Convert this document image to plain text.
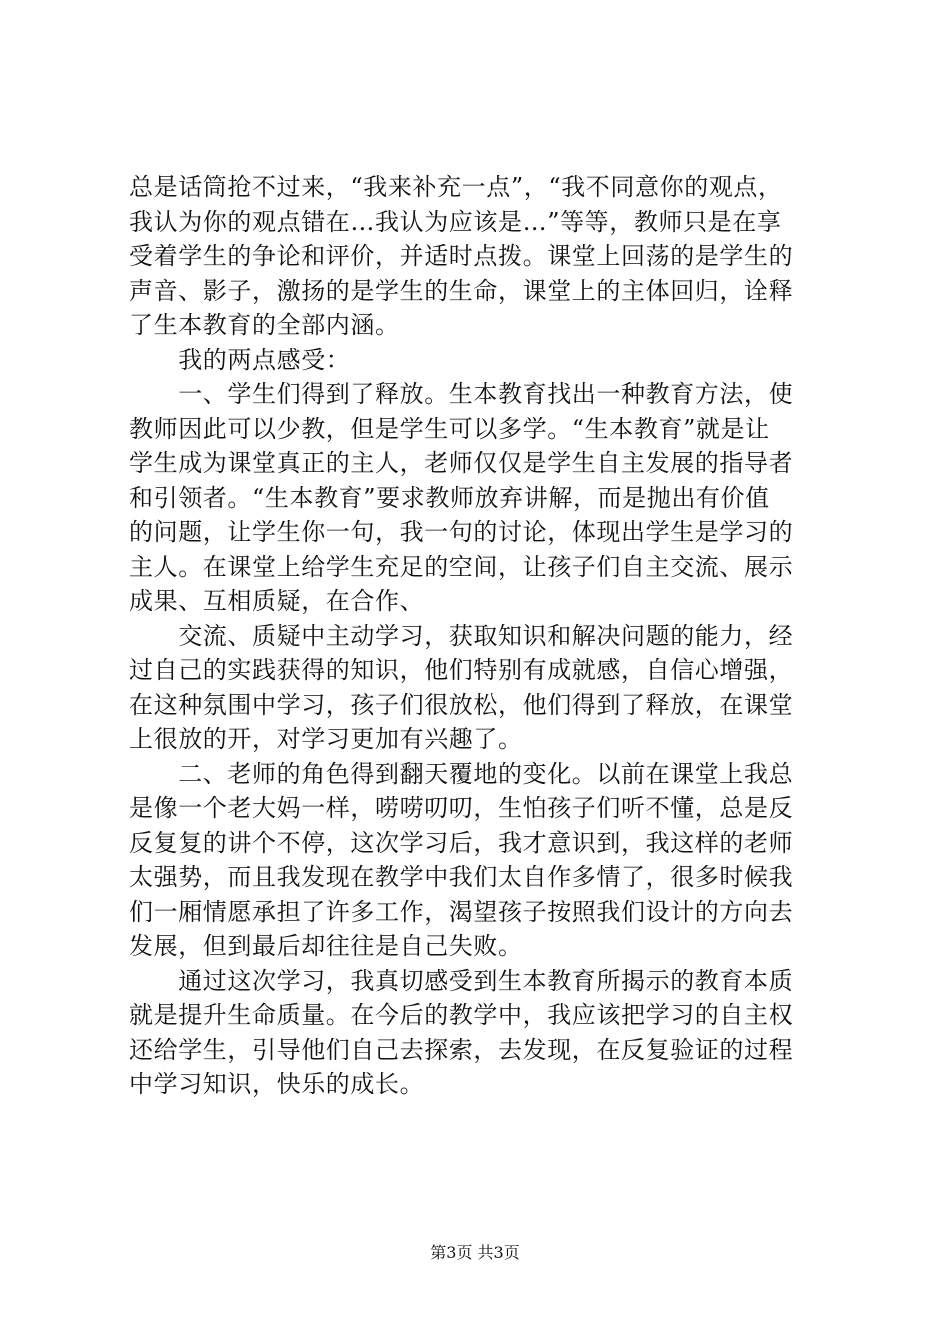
总是话筒抢不过来，“我来补充一点”，“我不同意你的观点，
我认为你的观点错在…我认为应该是…”等等，教师只是在享
受着学生的争论和评价，并适时点拨。课堂上回荡的是学生的
声音、影子，激扬的是学生的生命，课堂上的主体回归，诠释
了生本教育的全部内涵。
　　我的两点感受：
　　一、学生们得到了释放。生本教育找出一种教育方法，使
教师因此可以少教，但是学生可以多学。“生本教育”就是让
学生成为课堂真正的主人，老师仅仅是学生自主发展的指导者
和引领者。“生本教育”要求教师放弃讲解，而是抛出有价值
的问题，让学生你一句，我一句的讨论，体现出学生是学习的
主人。在课堂上给学生充足的空间，让孩子们自主交流、展示
成果、互相质疑，在合作、
　　交流、质疑中主动学习，获取知识和解决问题的能力，经
过自己的实践获得的知识，他们特别有成就感，自信心增强，
在这种氛围中学习，孩子们很放松，他们得到了释放，在课堂
上很放的开，对学习更加有兴趣了。
　　二、老师的角色得到翻天覆地的变化。以前在课堂上我总
是像一个老大妈一样，唠唠叨叨，生怕孩子们听不懂，总是反
反复复的讲个不停，这次学习后，我才意识到，我这样的老师
太强势，而且我发现在教学中我们太自作多情了，很多时候我
们一厢情愿承担了许多工作，渴望孩子按照我们设计的方向去
发展，但到最后却往往是自己失败。
　　通过这次学习，我真切感受到生本教育所揭示的教育本质
就是提升生命质量。在今后的教学中，我应该把学习的自主权
还给学生，引导他们自己去探索，去发现，在反复验证的过程
中学习知识，快乐的成长。
第3页 共3页
